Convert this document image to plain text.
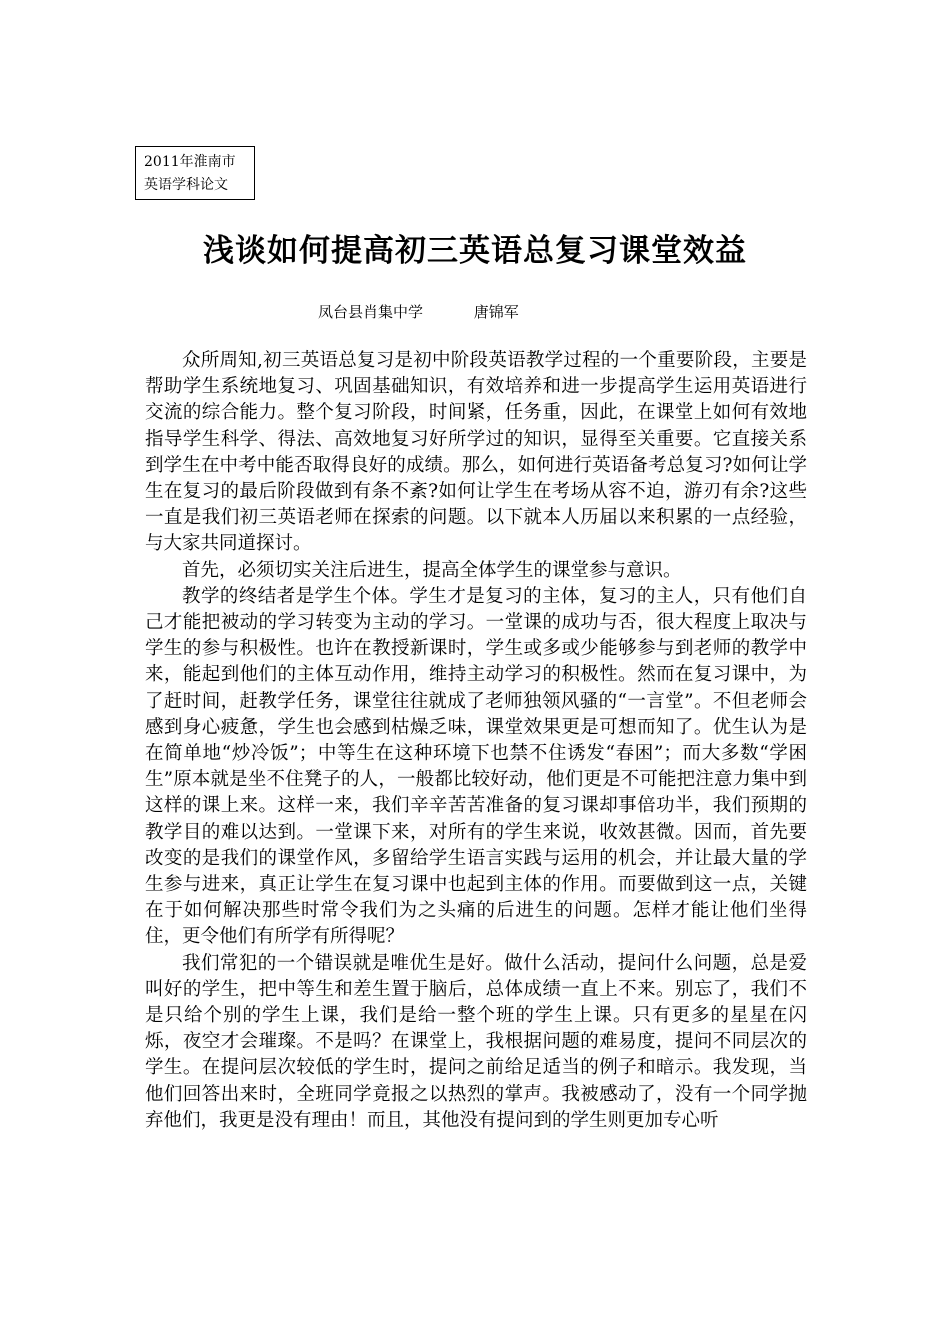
2011年淮南市
英语学科论文
浅谈如何提高初三英语总复习课堂效益
凤台县肖集中学	唐锦军

众所周知,初三英语总复习是初中阶段英语教学过程的一个重要阶段，主要是帮助学生系统地复习、巩固基础知识，有效培养和进一步提高学生运用英语进行交流的综合能力。整个复习阶段，时间紧，任务重，因此，在课堂上如何有效地指导学生科学、得法、高效地复习好所学过的知识，显得至关重要。它直接关系到学生在中考中能否取得良好的成绩。那么，如何进行英语备考总复习?如何让学生在复习的最后阶段做到有条不紊?如何让学生在考场从容不迫，游刃有余?这些一直是我们初三英语老师在探索的问题。以下就本人历届以来积累的一点经验，与大家共同道探讨。

首先，必须切实关注后进生，提高全体学生的课堂参与意识。

教学的终结者是学生个体。学生才是复习的主体，复习的主人，只有他们自己才能把被动的学习转变为主动的学习。一堂课的成功与否，很大程度上取决与学生的参与积极性。也许在教授新课时，学生或多或少能够参与到老师的教学中来，能起到他们的主体互动作用，维持主动学习的积极性。然而在复习课中，为了赶时间，赶教学任务，课堂往往就成了老师独领风骚的“一言堂”。不但老师会感到身心疲惫，学生也会感到枯燥乏味，课堂效果更是可想而知了。优生认为是在简单地“炒冷饭”；中等生在这种环境下也禁不住诱发“春困”；而大多数“学困生”原本就是坐不住凳子的人，一般都比较好动，他们更是不可能把注意力集中到这样的课上来。这样一来，我们辛辛苦苦准备的复习课却事倍功半，我们预期的教学目的难以达到。一堂课下来，对所有的学生来说，收效甚微。因而，首先要改变的是我们的课堂作风，多留给学生语言实践与运用的机会，并让最大量的学生参与进来，真正让学生在复习课中也起到主体的作用。而要做到这一点，关键在于如何解决那些时常令我们为之头痛的后进生的问题。怎样才能让他们坐得住，更令他们有所学有所得呢？

我们常犯的一个错误就是唯优生是好。做什么活动，提问什么问题，总是爱叫好的学生，把中等生和差生置于脑后，总体成绩一直上不来。别忘了，我们不是只给个别的学生上课，我们是给一整个班的学生上课。只有更多的星星在闪烁，夜空才会璀璨。不是吗？在课堂上，我根据问题的难易度，提问不同层次的学生。在提问层次较低的学生时，提问之前给足适当的例子和暗示。我发现，当他们回答出来时，全班同学竟报之以热烈的掌声。我被感动了，没有一个同学抛弃他们，我更是没有理由！而且，其他没有提问到的学生则更加专心听
